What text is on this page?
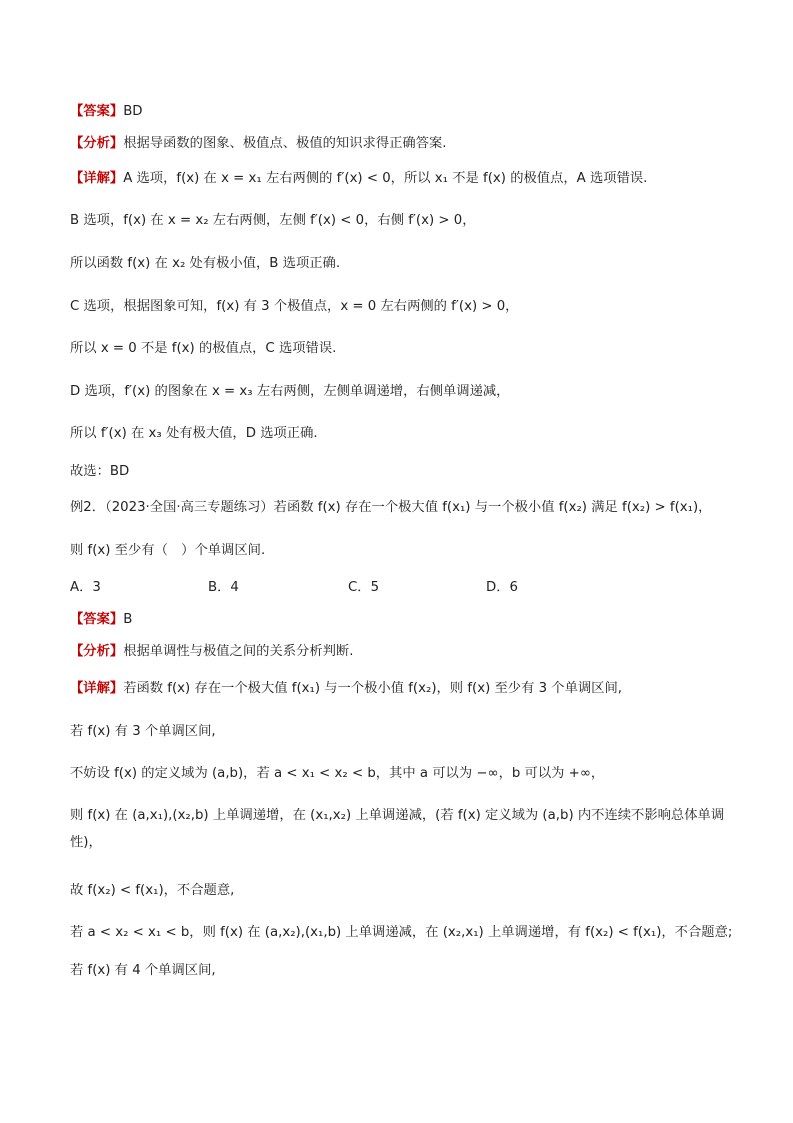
【答案】BD
【分析】根据导函数的图象、极值点、极值的知识求得正确答案.
【详解】A 选项，f(x) 在 x = x₁ 左右两侧的 f′(x) < 0，所以 x₁ 不是 f(x) 的极值点，A 选项错误.
B 选项，f(x) 在 x = x₂ 左右两侧，左侧 f′(x) < 0，右侧 f′(x) > 0，
所以函数 f(x) 在 x₂ 处有极小值，B 选项正确.
C 选项，根据图象可知，f(x) 有 3 个极值点，x = 0 左右两侧的 f′(x) > 0，
所以 x = 0 不是 f(x) 的极值点，C 选项错误.
D 选项，f′(x) 的图象在 x = x₃ 左右两侧，左侧单调递增，右侧单调递减，
所以 f′(x) 在 x₃ 处有极大值，D 选项正确.
故选：BD
例2．（2023·全国·高三专题练习）若函数 f(x) 存在一个极大值 f(x₁) 与一个极小值 f(x₂) 满足 f(x₂) > f(x₁)，
则 f(x) 至少有（　）个单调区间.
A．3	B．4	C．5	D．6
【答案】B
【分析】根据单调性与极值之间的关系分析判断.
【详解】若函数 f(x) 存在一个极大值 f(x₁) 与一个极小值 f(x₂)，则 f(x) 至少有 3 个单调区间,
若 f(x) 有 3 个单调区间,
不妨设 f(x) 的定义域为 (a,b)，若 a < x₁ < x₂ < b，其中 a 可以为 −∞，b 可以为 +∞，
则 f(x) 在 (a,x₁),(x₂,b) 上单调递增，在 (x₁,x₂) 上单调递减，(若 f(x) 定义域为 (a,b) 内不连续不影响总体单调性)，
故 f(x₂) < f(x₁)，不合题意,
若 a < x₂ < x₁ < b，则 f(x) 在 (a,x₂),(x₁,b) 上单调递减，在 (x₂,x₁) 上单调递增，有 f(x₂) < f(x₁)，不合题意;
若 f(x) 有 4 个单调区间,
